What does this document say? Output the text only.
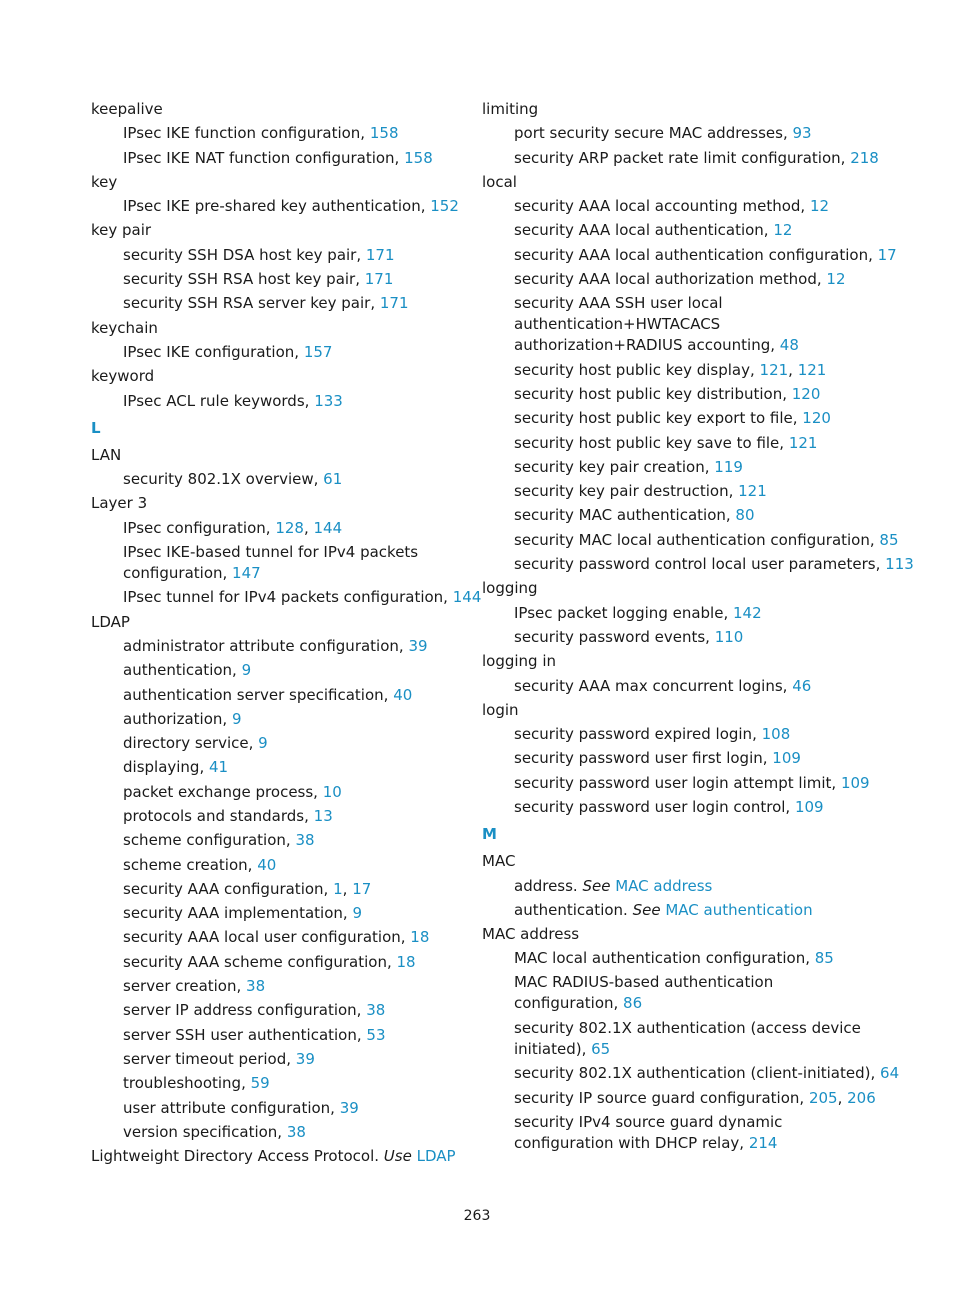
keepalive
IPsec IKE function configuration, 158
IPsec IKE NAT function configuration, 158
key
IPsec IKE pre-shared key authentication, 152
key pair
security SSH DSA host key pair, 171
security SSH RSA host key pair, 171
security SSH RSA server key pair, 171
keychain
IPsec IKE configuration, 157
keyword
IPsec ACL rule keywords, 133
L
LAN
security 802.1X overview, 61
Layer 3
IPsec configuration, 128, 144
IPsec IKE-based tunnel for IPv4 packets configuration, 147
IPsec tunnel for IPv4 packets configuration, 144
LDAP
administrator attribute configuration, 39
authentication, 9
authentication server specification, 40
authorization, 9
directory service, 9
displaying, 41
packet exchange process, 10
protocols and standards, 13
scheme configuration, 38
scheme creation, 40
security AAA configuration, 1, 17
security AAA implementation, 9
security AAA local user configuration, 18
security AAA scheme configuration, 18
server creation, 38
server IP address configuration, 38
server SSH user authentication, 53
server timeout period, 39
troubleshooting, 59
user attribute configuration, 39
version specification, 38
Lightweight Directory Access Protocol. Use LDAP
limiting
port security secure MAC addresses, 93
security ARP packet rate limit configuration, 218
local
security AAA local accounting method, 12
security AAA local authentication, 12
security AAA local authentication configuration, 17
security AAA local authorization method, 12
security AAA SSH user local authentication+HWTACACS authorization+RADIUS accounting, 48
security host public key display, 121, 121
security host public key distribution, 120
security host public key export to file, 120
security host public key save to file, 121
security key pair creation, 119
security key pair destruction, 121
security MAC authentication, 80
security MAC local authentication configuration, 85
security password control local user parameters, 113
logging
IPsec packet logging enable, 142
security password events, 110
logging in
security AAA max concurrent logins, 46
login
security password expired login, 108
security password user first login, 109
security password user login attempt limit, 109
security password user login control, 109
M
MAC
address. See MAC address
authentication. See MAC authentication
MAC address
MAC local authentication configuration, 85
MAC RADIUS-based authentication configuration, 86
security 802.1X authentication (access device initiated), 65
security 802.1X authentication (client-initiated), 64
security IP source guard configuration, 205, 206
security IPv4 source guard dynamic configuration with DHCP relay, 214
263
